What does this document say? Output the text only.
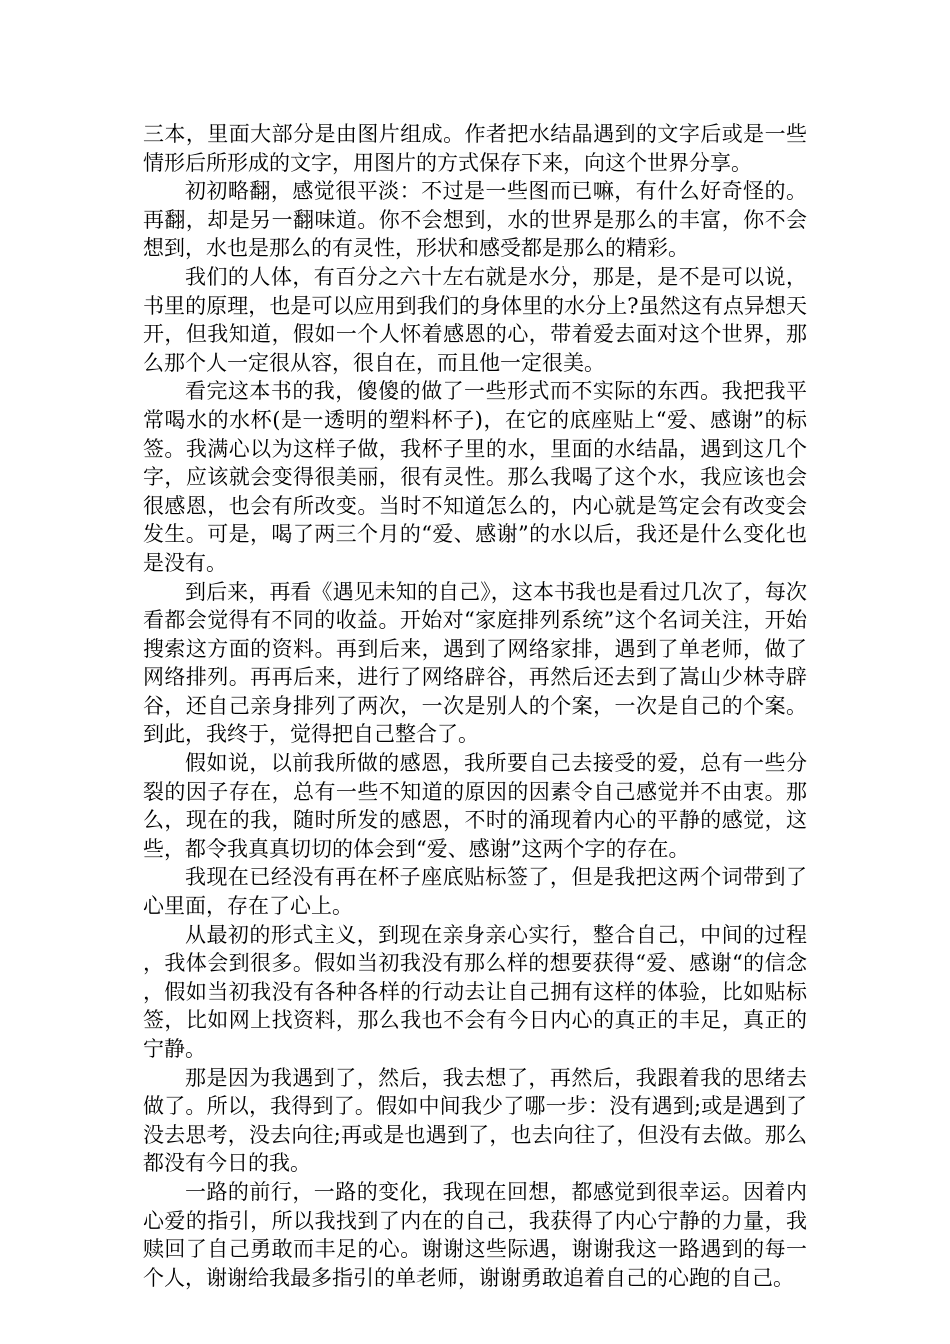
三本，里面大部分是由图片组成。作者把水结晶遇到的文字后或是一些情形后所形成的文字，用图片的方式保存下来，向这个世界分享。

初初略翻，感觉很平淡：不过是一些图而已嘛，有什么好奇怪的。再翻，却是另一翻味道。你不会想到，水的世界是那么的丰富，你不会想到，水也是那么的有灵性，形状和感受都是那么的精彩。

我们的人体，有百分之六十左右就是水分，那是，是不是可以说，书里的原理，也是可以应用到我们的身体里的水分上?虽然这有点异想天开，但我知道，假如一个人怀着感恩的心，带着爱去面对这个世界，那么那个人一定很从容，很自在，而且他一定很美。

看完这本书的我，傻傻的做了一些形式而不实际的东西。我把我平常喝水的水杯(是一透明的塑料杯子)，在它的底座贴上“爱、感谢”的标签。我满心以为这样子做，我杯子里的水，里面的水结晶，遇到这几个字，应该就会变得很美丽，很有灵性。那么我喝了这个水，我应该也会很感恩，也会有所改变。当时不知道怎么的，内心就是笃定会有改变会发生。可是，喝了两三个月的“爱、感谢”的水以后，我还是什么变化也是没有。

到后来，再看《遇见未知的自己》，这本书我也是看过几次了，每次看都会觉得有不同的收益。开始对“家庭排列系统”这个名词关注，开始搜索这方面的资料。再到后来，遇到了网络家排，遇到了单老师，做了网络排列。再再后来，进行了网络辟谷，再然后还去到了嵩山少林寺辟谷，还自己亲身排列了两次，一次是别人的个案，一次是自己的个案。到此，我终于，觉得把自己整合了。

假如说，以前我所做的感恩，我所要自己去接受的爱，总有一些分裂的因子存在，总有一些不知道的原因的因素令自己感觉并不由衷。那么，现在的我，随时所发的感恩，不时的涌现着内心的平静的感觉，这些，都令我真真切切的体会到“爱、感谢”这两个字的存在。

我现在已经没有再在杯子座底贴标签了，但是我把这两个词带到了心里面，存在了心上。

从最初的形式主义，到现在亲身亲心实行，整合自己，中间的过程，我体会到很多。假如当初我没有那么样的想要获得“爱、感谢“的信念，假如当初我没有各种各样的行动去让自己拥有这样的体验，比如贴标签，比如网上找资料，那么我也不会有今日内心的真正的丰足，真正的宁静。

那是因为我遇到了，然后，我去想了，再然后，我跟着我的思绪去做了。所以，我得到了。假如中间我少了哪一步：没有遇到;或是遇到了没去思考，没去向往;再或是也遇到了，也去向往了，但没有去做。那么都没有今日的我。

一路的前行，一路的变化，我现在回想，都感觉到很幸运。因着内心爱的指引，所以我找到了内在的自己，我获得了内心宁静的力量，我赎回了自己勇敢而丰足的心。谢谢这些际遇，谢谢我这一路遇到的每一个人，谢谢给我最多指引的单老师，谢谢勇敢追着自己的心跑的自己。
